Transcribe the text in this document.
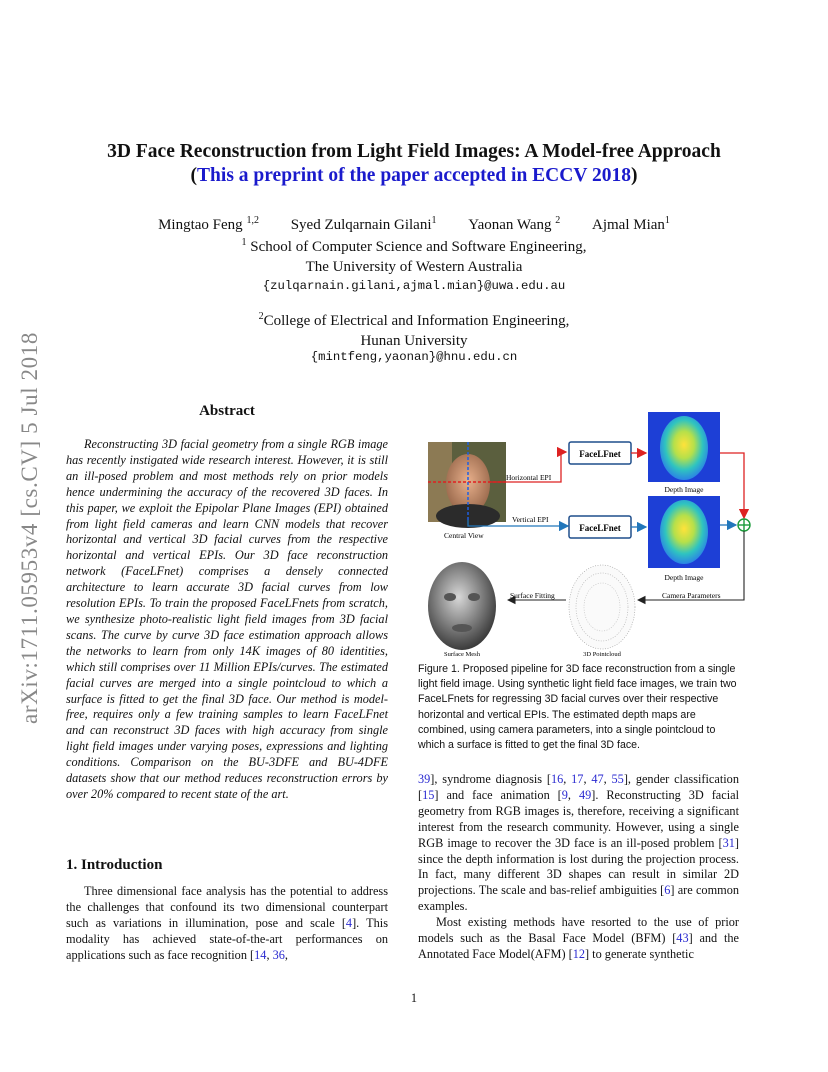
arXiv:1711.05953v4 [cs.CV] 5 Jul 2018
3D Face Reconstruction from Light Field Images: A Model-free Approach
(This a preprint of the paper accepted in ECCV 2018)
Mingtao Feng $^{1,2}$ Syed Zulqarnain Gilani$^1$ Yaonan Wang $^2$ Ajmal Mian$^1$
$^1$ School of Computer Science and Software Engineering,
The University of Western Australia
{zulqarnain.gilani,ajmal.mian}@uwa.edu.au
$^2$College of Electrical and Information Engineering,
Hunan University
{mintfeng,yaonan}@hnu.edu.cn
Abstract
Reconstructing 3D facial geometry from a single RGB image has recently instigated wide research interest. However, it is still an ill-posed problem and most methods rely on prior models hence undermining the accuracy of the recovered 3D faces. In this paper, we exploit the Epipolar Plane Images (EPI) obtained from light field cameras and learn CNN models that recover horizontal and vertical 3D facial curves from the respective horizontal and vertical EPIs. Our 3D face reconstruction network (FaceLFnet) comprises a densely connected architecture to learn accurate 3D facial curves from low resolution EPIs. To train the proposed FaceLFnets from scratch, we synthesize photo-realistic light field images from 3D facial scans. The curve by curve 3D face estimation approach allows the networks to learn from only 14K images of 80 identities, which still comprises over 11 Million EPIs/curves. The estimated facial curves are merged into a single pointcloud to which a surface is fitted to get the final 3D face. Our method is model-free, requires only a few training samples to learn FaceLFnet and can reconstruct 3D faces with high accuracy from single light field images under varying poses, expressions and lighting conditions. Comparison on the BU-3DFE and BU-4DFE datasets show that our method reduces reconstruction errors by over 20% compared to recent state of the art.
1. Introduction
Three dimensional face analysis has the potential to address the challenges that confound its two dimensional counterpart such as variations in illumination, pose and scale [4]. This modality has achieved state-of-the-art performances on applications such as face recognition [14, 36,
Central View
Horizontal EPI
Vertical EPI
FaceLFnet
FaceLFnet
Depth Image
Depth Image
Camera Parameters
3D Pointcloud
Surface Fitting
Surface Mesh
Figure 1. Proposed pipeline for 3D face reconstruction from a single light field image. Using synthetic light field face images, we train two FaceLFnets for regressing 3D facial curves over their respective horizontal and vertical EPIs. The estimated depth maps are combined, using camera parameters, into a single pointcloud to which a surface is fitted to get the final 3D face.
39], syndrome diagnosis [16, 17, 47, 55], gender classification [15] and face animation [9, 49]. Reconstructing 3D facial geometry from RGB images is, therefore, receiving a significant interest from the research community. However, using a single RGB image to recover the 3D face is an ill-posed problem [31] since the depth information is lost during the projection process. In fact, many different 3D shapes can result in similar 2D projections. The scale and bas-relief ambiguities [6] are common examples.
Most existing methods have resorted to the use of prior models such as the Basal Face Model (BFM) [43] and the Annotated Face Model(AFM) [12] to generate synthetic
1
